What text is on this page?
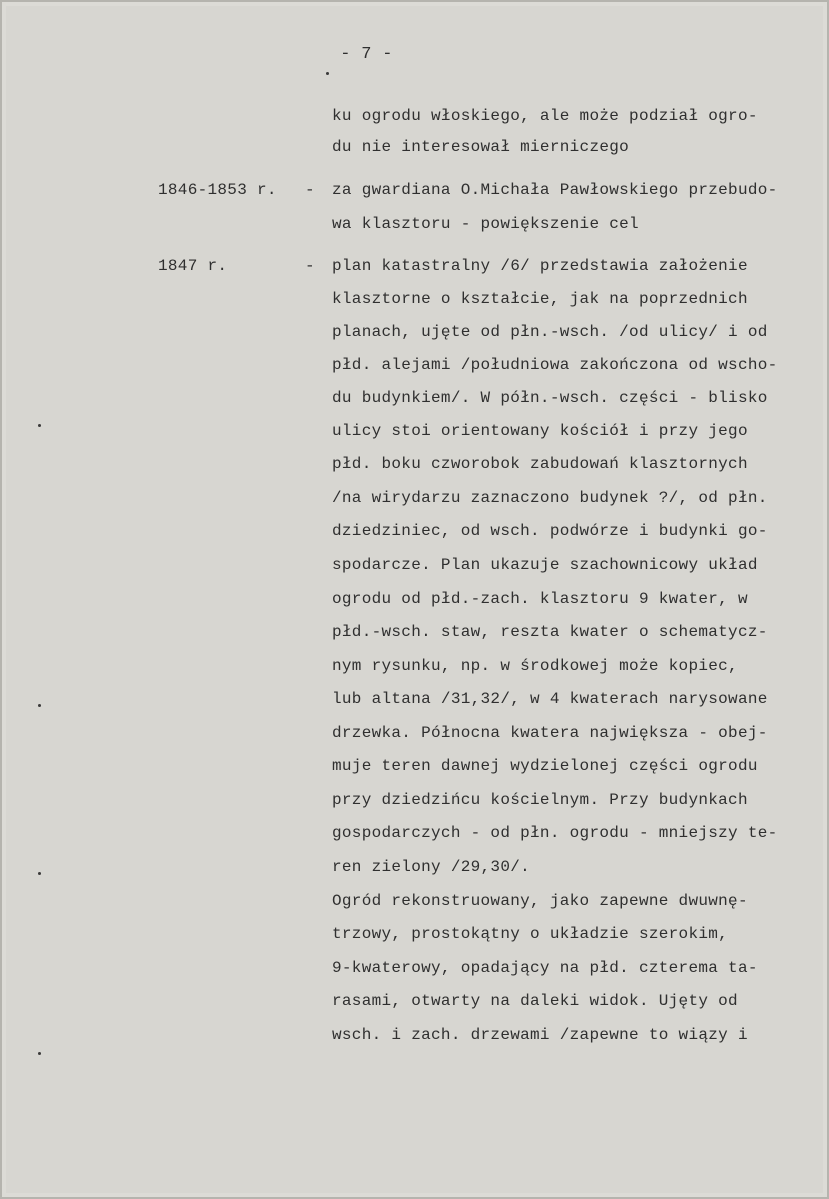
- 7 -
ku ogrodu włoskiego, ale może podział ogro-
du nie interesował mierniczego
1846-1853 r. - za gwardiana O.Michała Pawłowskiego przebudo-
wa klasztoru - powiększenie cel
1847 r.	- plan katastralny /6/ przedstawia założenie
klasztorne o kształcie, jak na poprzednich
planach, ujęte od płn.-wsch. /od ulicy/ i od
płd. alejami /południowa zakończona od wscho-
du budynkiem/. W półn.-wsch. części - blisko
ulicy stoi orientowany kościół i przy jego
płd. boku czworobok zabudowań klasztornych
/na wirydarzu zaznaczono budynek ?/, od płn.
dziedziniec, od wsch. podwórze i budynki go-
spodarcze. Plan ukazuje szachownicowy układ
ogrodu od płd.-zach. klasztoru 9 kwater, w
płd.-wsch. staw, reszta kwater o schematycz-
nym rysunku, np. w środkowej może kopiec,
lub altana /31,32/, w 4 kwaterach narysowane
drzewka. Północna kwatera największa - obej-
muje teren dawnej wydzielonej części ogrodu
przy dziedzińcu kościelnym. Przy budynkach
gospodarczych - od płn. ogrodu - mniejszy te-
ren zielony /29,30/.
Ogród rekonstruowany, jako zapewne dwuwnę-
trzowy, prostokątny o układzie szerokim,
9-kwaterowy, opadający na płd. czterema ta-
rasami, otwarty na daleki widok. Ujęty od
wsch. i zach. drzewami /zapewne to wiązy i
